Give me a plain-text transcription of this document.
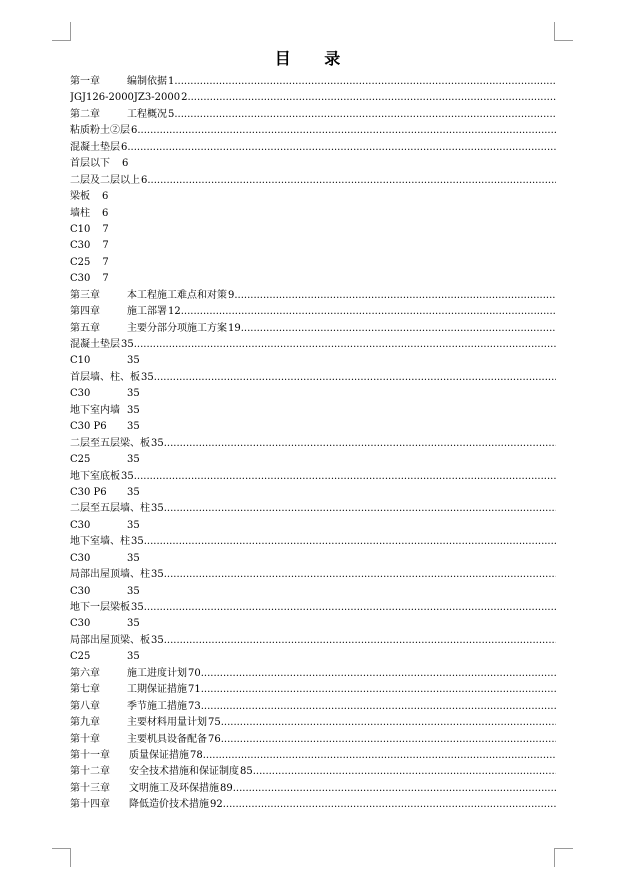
目 录
第一章	编制依据 1
.....
JGJ126-2000JZ3-2000 2
.....
第二章	工程概况 5
.....
粘质粉土②层 6
.....
混凝土垫层 6
.....
首层以下 6
二层及二层以上 6
.....
梁板 6
墙柱 6
C10 7
C30 7
C25 7
C30 7
第三章	本工程施工难点和对策 9
.....
第四章	施工部署 12
.....
第五章	主要分部分项施工方案 19
.....
混凝土垫层 35
.....
C10	35
首层墙、柱、板 35
.....
C30	35
地下室内墙 35
C30 P6	35
二层至五层梁、板 35
.....
C25	35
地下室底板 35
.....
C30 P6	35
二层至五层墙、柱 35
.....
C30	35
地下室墙、柱 35
.....
C30	35
局部出屋顶墙、柱 35
.....
C30	35
地下一层梁板 35
.....
C30	35
局部出屋顶梁、板 35
.....
C25	35
第六章	施工进度计划 70
.....
第七章	工期保证措施 71
.....
第八章	季节施工措施 73
.....
第九章	主要材料用量计划 75
.....
第十章	主要机具设备配备 76
.....
第十一章 质量保证措施 78
.....
第十二章 安全技术措施和保证制度 85
.....
第十三章 文明施工及环保措施 89
.....
第十四章 降低造价技术措施 92
.....
